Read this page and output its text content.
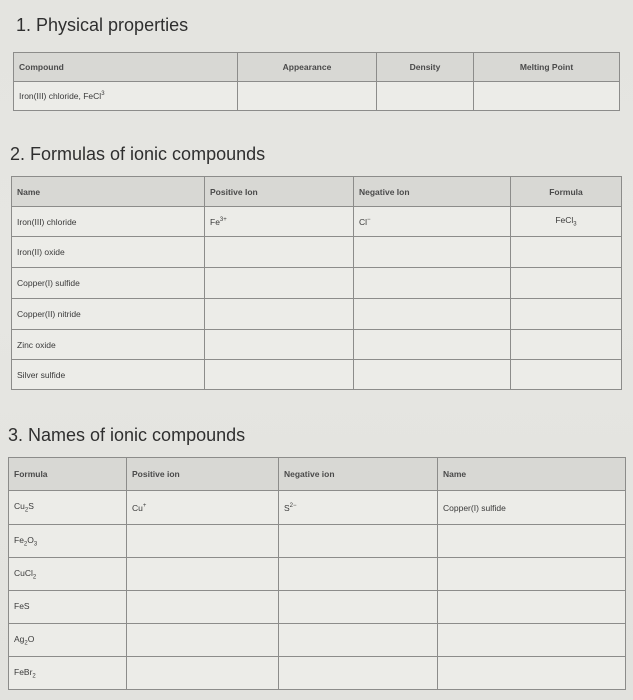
1. Physical properties
Compound	Appearance	Density	Melting Point
Iron(III) chloride, FeCl$^3$			
2. Formulas of ionic compounds
Name	Positive Ion	Negative Ion	Formula
Iron(III) chloride	$Fe^{3+}$	Cl−	FeCl$_3$
Iron(II) oxide			
Copper(I) sulfide			
Copper(II) nitride			
Zinc oxide			
Silver sulfide			
3. Names of ionic compounds
Formula	Positive ion	Negative ion	Name
$Cu_2S$	Cu+	$S^{2-}$	Copper(I) sulfide
$Fe_2O_3$			
CuCl$_2$			
FeS			
$Ag_2O$			
FeBr$_2$			
